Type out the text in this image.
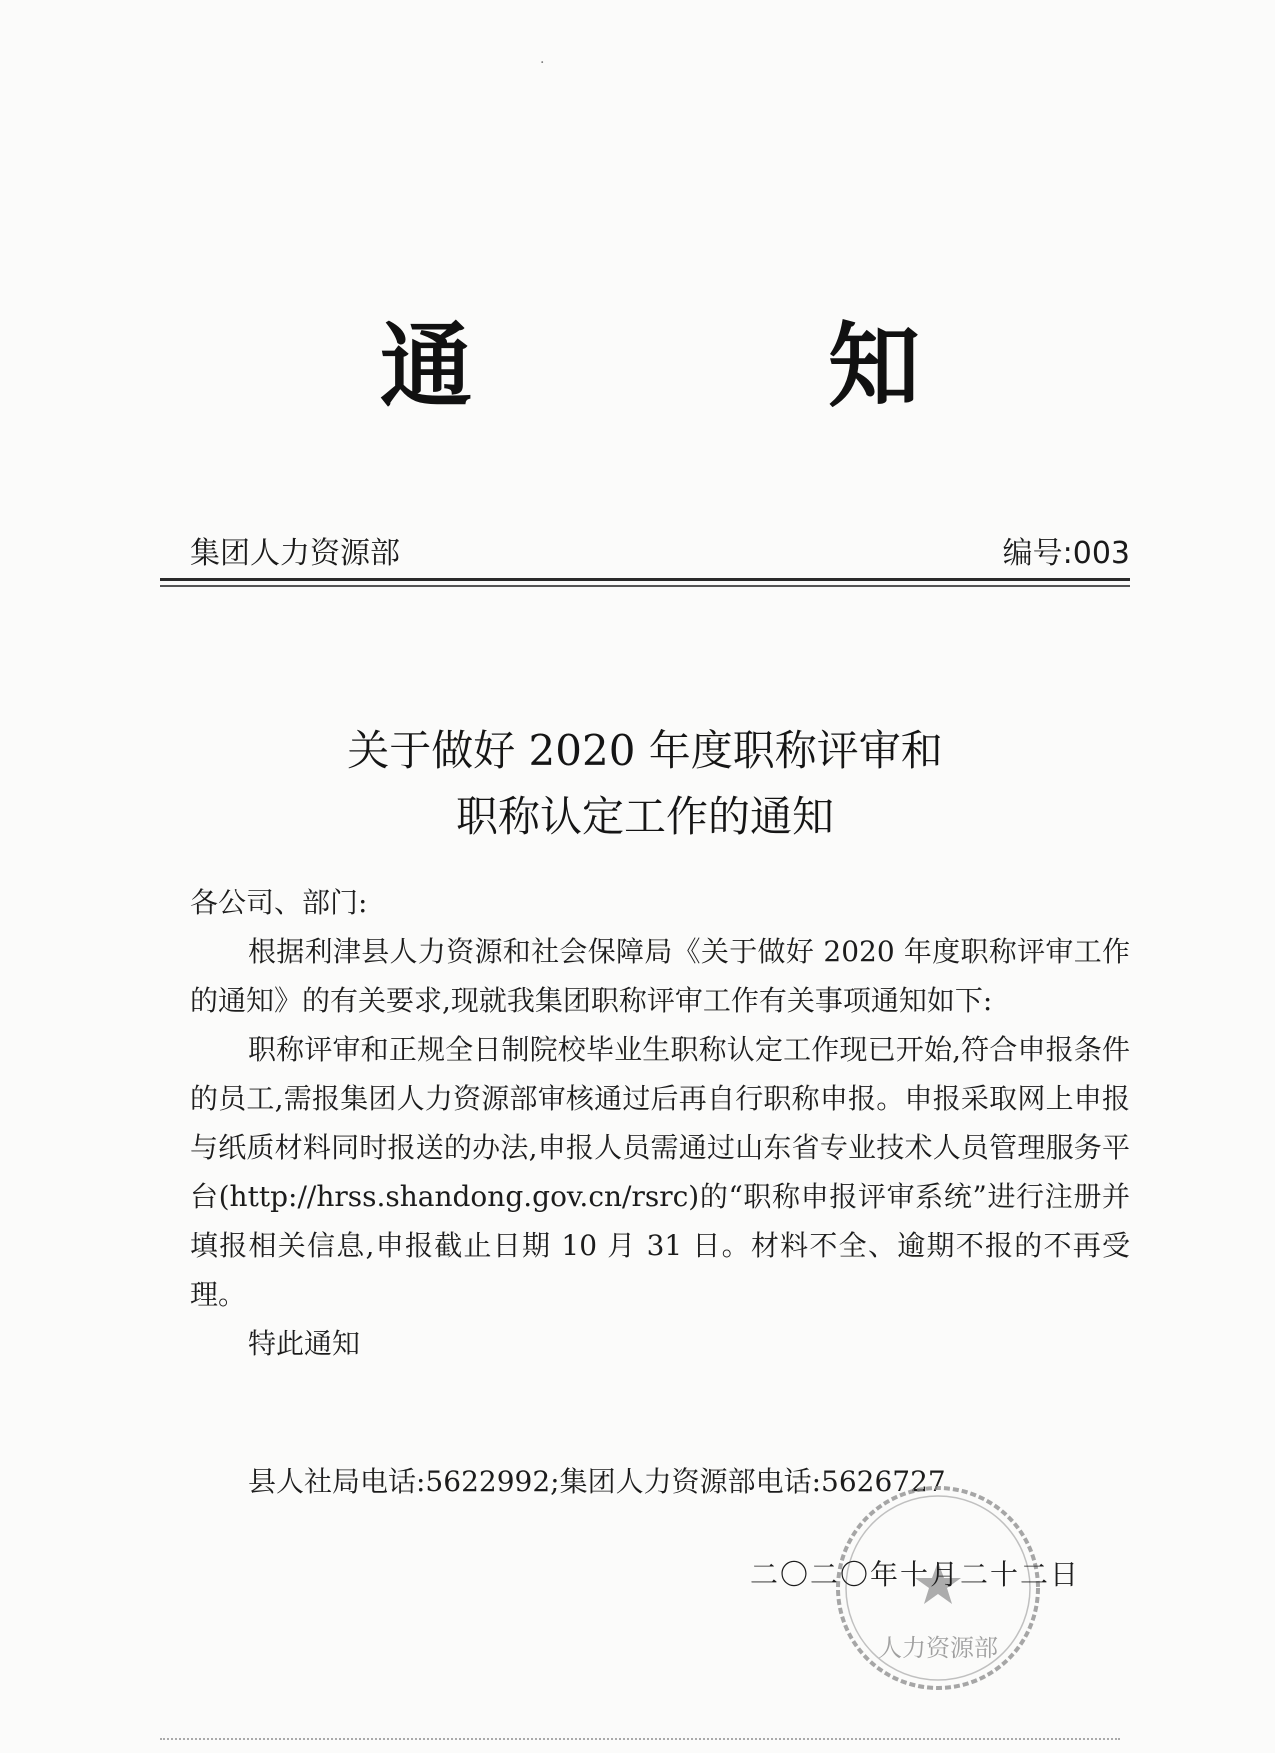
·
通	知
集团人力资源部	编号:003
关于做好 2020 年度职称评审和
职称认定工作的通知

各公司、部门:

根据利津县人力资源和社会保障局《关于做好 2020 年度职称评审工作的通知》的有关要求,现就我集团职称评审工作有关事项通知如下:

职称评审和正规全日制院校毕业生职称认定工作现已开始,符合申报条件的员工,需报集团人力资源部审核通过后再自行职称申报。申报采取网上申报与纸质材料同时报送的办法,申报人员需通过山东省专业技术人员管理服务平台(http://hrss.shandong.gov.cn/rsrc)的“职称申报评审系统”进行注册并填报相关信息,申报截止日期 10 月 31 日。材料不全、逾期不报的不再受理。

特此通知

县人社局电话:5622992;集团人力资源部电话:5626727
人力资源部
二〇二〇年十月二十二日
